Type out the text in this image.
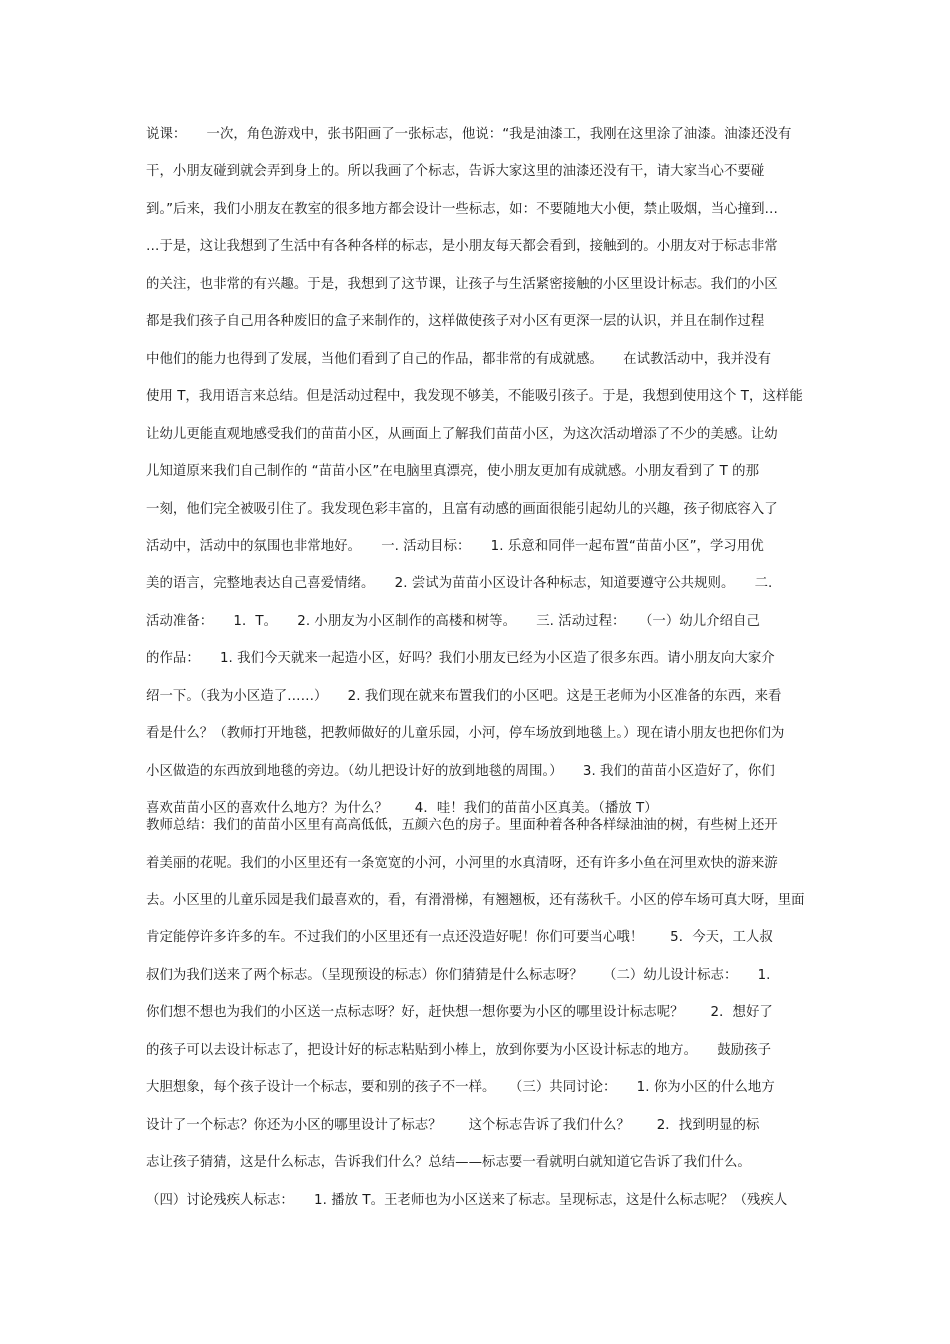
说课：　　一次，角色游戏中，张书阳画了一张标志，他说：“我是油漆工，我刚在这里涂了油漆。油漆还没有
干，小朋友碰到就会弄到身上的。所以我画了个标志，告诉大家这里的油漆还没有干，请大家当心不要碰
到。”后来，我们小朋友在教室的很多地方都会设计一些标志，如：不要随地大小便，禁止吸烟，当心撞到…
…于是，这让我想到了生活中有各种各样的标志，是小朋友每天都会看到，接触到的。小朋友对于标志非常
的关注，也非常的有兴趣。于是，我想到了这节课，让孩子与生活紧密接触的小区里设计标志。我们的小区
都是我们孩子自己用各种废旧的盒子来制作的，这样做使孩子对小区有更深一层的认识，并且在制作过程
中他们的能力也得到了发展，当他们看到了自己的作品，都非常的有成就感。　　在试教活动中，我并没有
使用 T，我用语言来总结。但是活动过程中，我发现不够美，不能吸引孩子。于是，我想到使用这个 T，这样能
让幼儿更能直观地感受我们的苗苗小区，从画面上了解我们苗苗小区，为这次活动增添了不少的美感。让幼
儿知道原来我们自己制作的 “苗苗小区”在电脑里真漂亮，使小朋友更加有成就感。小朋友看到了 T 的那
一刻，他们完全被吸引住了。我发现色彩丰富的，且富有动感的画面很能引起幼儿的兴趣，孩子彻底容入了
活动中，活动中的氛围也非常地好。　　一. 活动目标：　　1. 乐意和同伴一起布置“苗苗小区”，学习用优
美的语言，完整地表达自己喜爱情绪。　　2. 尝试为苗苗小区设计各种标志，知道要遵守公共规则。　　二.
活动准备：　　1．T。　　2. 小朋友为小区制作的高楼和树等。　　三. 活动过程：　　（一）幼儿介绍自己
的作品：　　1. 我们今天就来一起造小区，好吗？我们小朋友已经为小区造了很多东西。请小朋友向大家介
绍一下。（我为小区造了……）　　2. 我们现在就来布置我们的小区吧。这是王老师为小区准备的东西，来看
看是什么？（教师打开地毯，把教师做好的儿童乐园，小河，停车场放到地毯上。）现在请小朋友也把你们为
小区做造的东西放到地毯的旁边。（幼儿把设计好的放到地毯的周围。）　　3. 我们的苗苗小区造好了，你们
喜欢苗苗小区的喜欢什么地方？为什么？　　4．哇！我们的苗苗小区真美。（播放 T）
教师总结：我们的苗苗小区里有高高低低，五颜六色的房子。里面种着各种各样绿油油的树，有些树上还开
着美丽的花呢。我们的小区里还有一条宽宽的小河，小河里的水真清呀，还有许多小鱼在河里欢快的游来游
去。小区里的儿童乐园是我们最喜欢的，看，有滑滑梯，有翘翘板，还有荡秋千。小区的停车场可真大呀，里面
肯定能停许多许多的车。不过我们的小区里还有一点还没造好呢！你们可要当心哦！　　5．今天，工人叔
叔们为我们送来了两个标志。（呈现预设的标志）你们猜猜是什么标志呀？　　（二）幼儿设计标志：　　1.
你们想不想也为我们的小区送一点标志呀？好，赶快想一想你要为小区的哪里设计标志呢？　　2．想好了
的孩子可以去设计标志了，把设计好的标志粘贴到小棒上，放到你要为小区设计标志的地方。　　鼓励孩子
大胆想象，每个孩子设计一个标志，要和别的孩子不一样。　　（三）共同讨论：　　1. 你为小区的什么地方
设计了一个标志？你还为小区的哪里设计了标志？　　这个标志告诉了我们什么？　　2．找到明显的标
志让孩子猜猜，这是什么标志，告诉我们什么？总结——标志要一看就明白就知道它告诉了我们什么。
（四）讨论残疾人标志：　　1. 播放 T。王老师也为小区送来了标志。呈现标志，这是什么标志呢？（残疾人
